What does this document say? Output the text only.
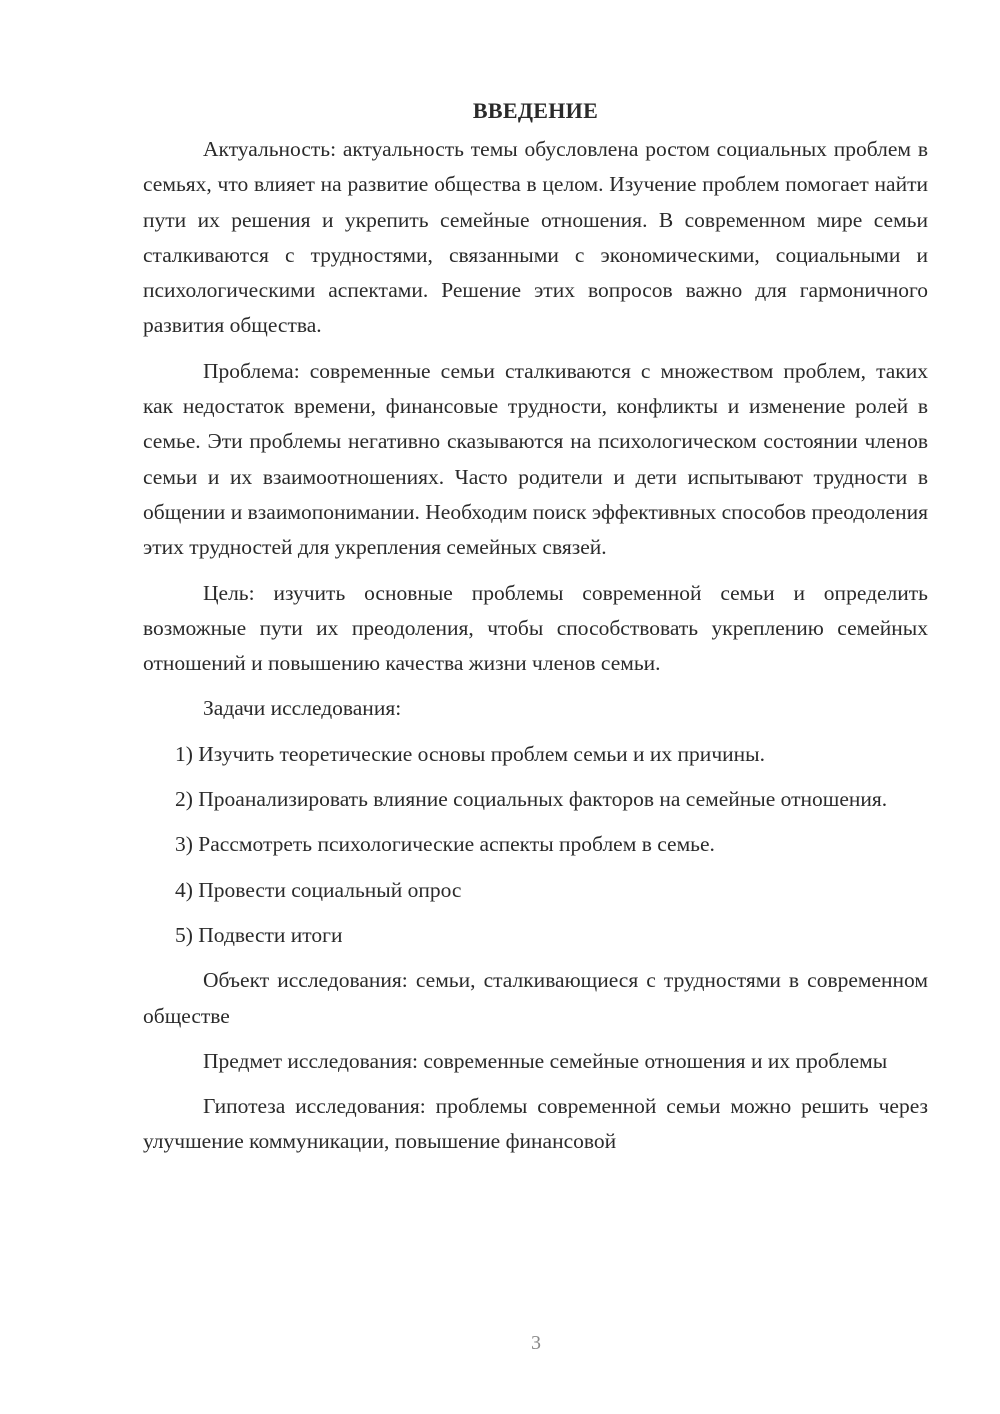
ВВЕДЕНИЕ

Актуальность: актуальность темы обусловлена ростом социальных проблем в семьях, что влияет на развитие общества в целом. Изучение проблем помогает найти пути их решения и укрепить семейные отношения. В современном мире семьи сталкиваются с трудностями, связанными с экономическими, социальными и психологическими аспектами. Решение этих вопросов важно для гармоничного развития общества.

Проблема: современные семьи сталкиваются с множеством проблем, таких как недостаток времени, финансовые трудности, конфликты и изменение ролей в семье. Эти проблемы негативно сказываются на психологическом состоянии членов семьи и их взаимоотношениях. Часто родители и дети испытывают трудности в общении и взаимопонимании. Необходим поиск эффективных способов преодоления этих трудностей для укрепления семейных связей.

Цель: изучить основные проблемы современной семьи и определить возможные пути их преодоления, чтобы способствовать укреплению семейных отношений и повышению качества жизни членов семьи.

Задачи исследования:

1) Изучить теоретические основы проблем семьи и их причины.

2) Проанализировать влияние социальных факторов на семейные отношения.

3) Рассмотреть психологические аспекты проблем в семье.

4) Провести социальный опрос

5) Подвести итоги

Объект исследования: семьи, сталкивающиеся с трудностями в современном обществе

Предмет исследования: современные семейные отношения и их проблемы

Гипотеза исследования: проблемы современной семьи можно решить через улучшение коммуникации, повышение финансовой

3
